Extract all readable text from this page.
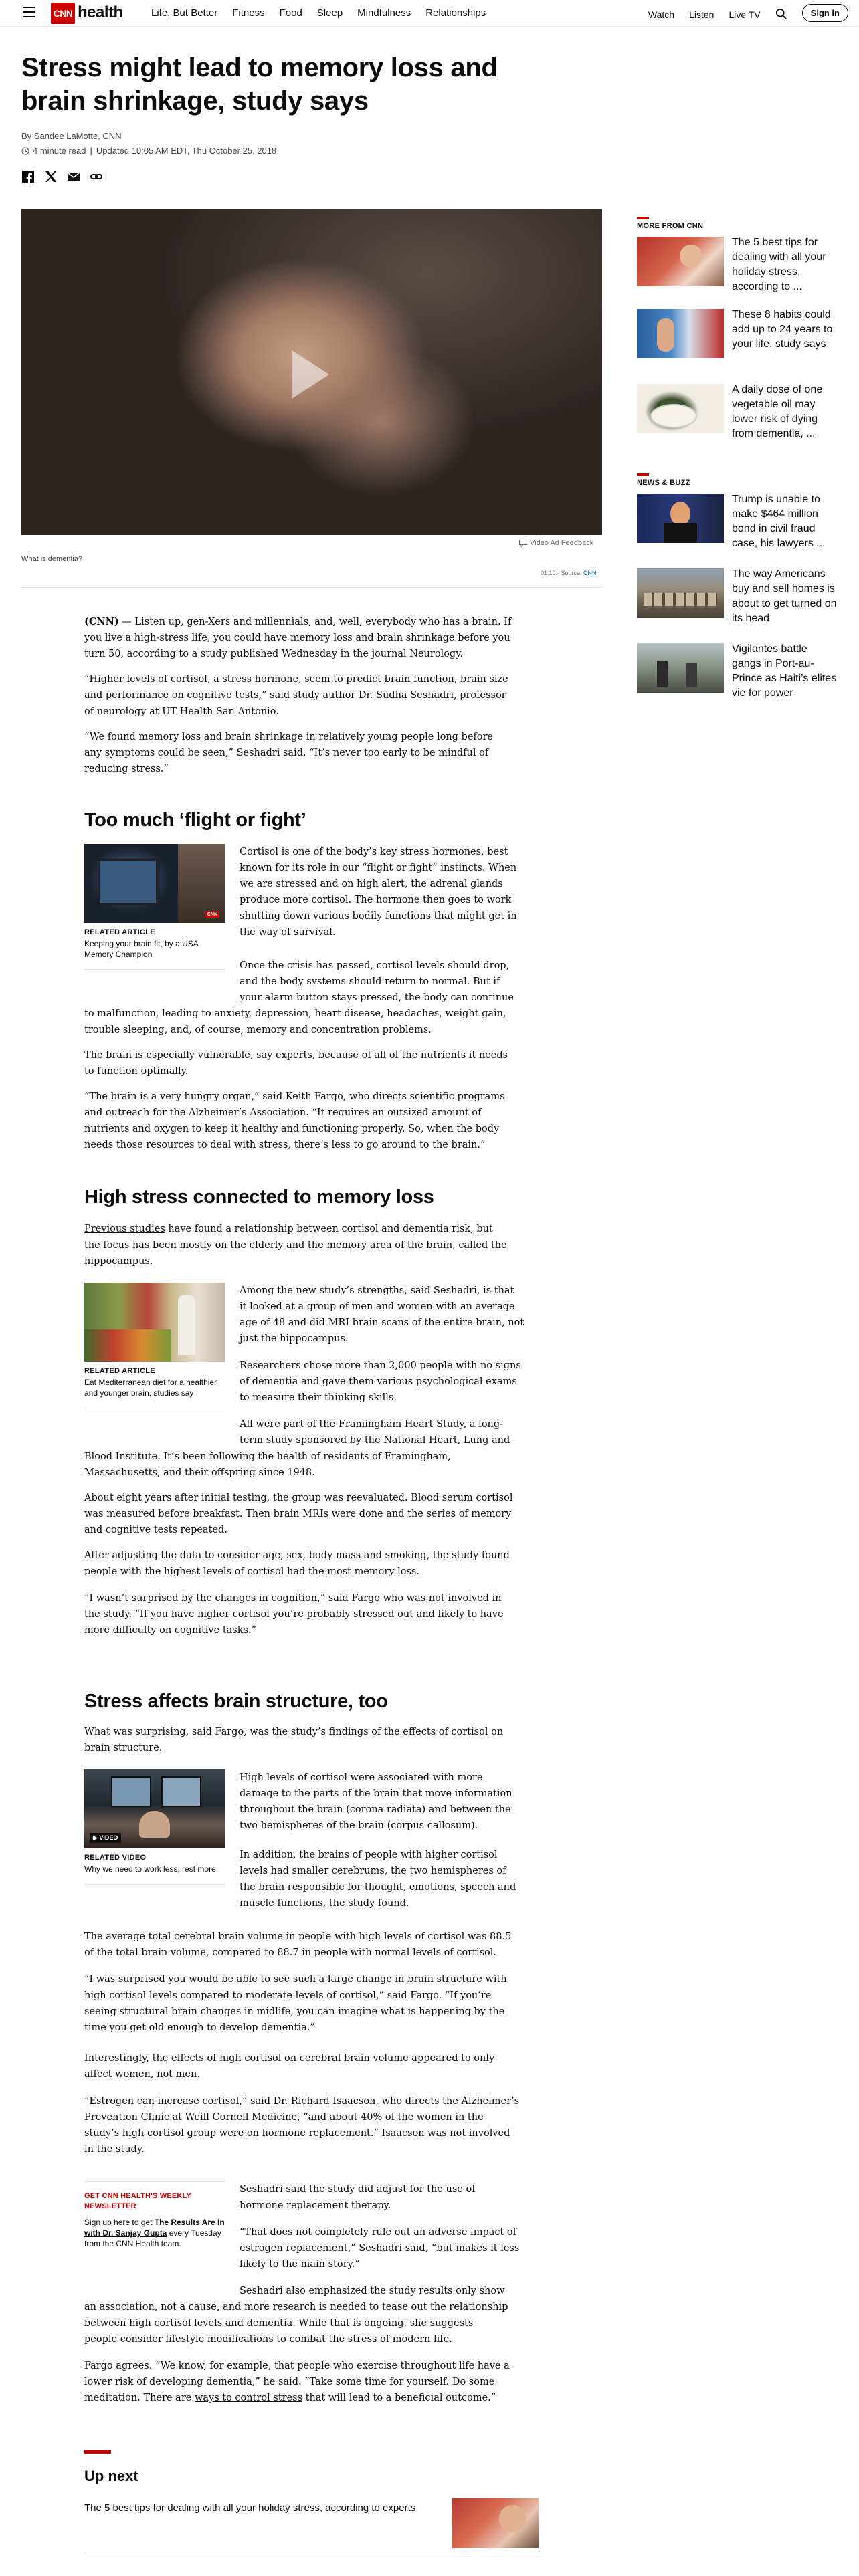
CNN health	Life, But Better Fitness Food Sleep Mindfulness Relationships	Watch Listen Live TV	Sign in
Stress might lead to memory loss and brain shrinkage, study says
By Sandee LaMotte, CNN
4 minute read | Updated 10:05 AM EDT, Thu October 25, 2018
Video Ad Feedback
What is dementia?
01:10 - Source: CNN
(CNN) — Listen up, gen-Xers and millennials, and, well, everybody who has a brain. If
you live a high-stress life, you could have memory loss and brain shrinkage before you
turn 50, according to a study published Wednesday in the journal Neurology.
“Higher levels of cortisol, a stress hormone, seem to predict brain function, brain size
and performance on cognitive tests,” said study author Dr. Sudha Seshadri, professor
of neurology at UT Health San Antonio.
“We found memory loss and brain shrinkage in relatively young people long before
any symptoms could be seen,” Seshadri said. “It’s never too early to be mindful of
reducing stress.”
Too much ‘flight or fight’
CNN
RELATED ARTICLE
Keeping your brain fit, by a USA Memory Champion
Cortisol is one of the body’s key stress hormones, best
known for its role in our “flight or fight” instincts. When
we are stressed and on high alert, the adrenal glands
produce more cortisol. The hormone then goes to work
shutting down various bodily functions that might get in
the way of survival.
Once the crisis has passed, cortisol levels should drop,
and the body systems should return to normal. But if
your alarm button stays pressed, the body can continue
to malfunction, leading to anxiety, depression, heart disease, headaches, weight gain,
trouble sleeping, and, of course, memory and concentration problems.
The brain is especially vulnerable, say experts, because of all of the nutrients it needs
to function optimally.
“The brain is a very hungry organ,” said Keith Fargo, who directs scientific programs
and outreach for the Alzheimer’s Association. “It requires an outsized amount of
nutrients and oxygen to keep it healthy and functioning properly. So, when the body
needs those resources to deal with stress, there’s less to go around to the brain.”
High stress connected to memory loss
Previous studies have found a relationship between cortisol and dementia risk, but
the focus has been mostly on the elderly and the memory area of the brain, called the
hippocampus.
RELATED ARTICLE
Eat Mediterranean diet for a healthier and younger brain, studies say
Among the new study’s strengths, said Seshadri, is that
it looked at a group of men and women with an average
age of 48 and did MRI brain scans of the entire brain, not
just the hippocampus.
Researchers chose more than 2,000 people with no signs
of dementia and gave them various psychological exams
to measure their thinking skills.
All were part of the Framingham Heart Study, a long-
term study sponsored by the National Heart, Lung and
Blood Institute. It’s been following the health of residents of Framingham,
Massachusetts, and their offspring since 1948.
About eight years after initial testing, the group was reevaluated. Blood serum cortisol
was measured before breakfast. Then brain MRIs were done and the series of memory
and cognitive tests repeated.
After adjusting the data to consider age, sex, body mass and smoking, the study found
people with the highest levels of cortisol had the most memory loss.
“I wasn’t surprised by the changes in cognition,” said Fargo who was not involved in
the study. “If you have higher cortisol you’re probably stressed out and likely to have
more difficulty on cognitive tasks.”
Stress affects brain structure, too
What was surprising, said Fargo, was the study’s findings of the effects of cortisol on
brain structure.
▶ VIDEO
RELATED VIDEO
Why we need to work less, rest more
High levels of cortisol were associated with more
damage to the parts of the brain that move information
throughout the brain (corona radiata) and between the
two hemispheres of the brain (corpus callosum).
In addition, the brains of people with higher cortisol
levels had smaller cerebrums, the two hemispheres of
the brain responsible for thought, emotions, speech and
muscle functions, the study found.
The average total cerebral brain volume in people with high levels of cortisol was 88.5
of the total brain volume, compared to 88.7 in people with normal levels of cortisol.
“I was surprised you would be able to see such a large change in brain structure with
high cortisol levels compared to moderate levels of cortisol,” said Fargo. “If you’re
seeing structural brain changes in midlife, you can imagine what is happening by the
time you get old enough to develop dementia.”
Interestingly, the effects of high cortisol on cerebral brain volume appeared to only
affect women, not men.
“Estrogen can increase cortisol,” said Dr. Richard Isaacson, who directs the Alzheimer’s
Prevention Clinic at Weill Cornell Medicine, “and about 40% of the women in the
study’s high cortisol group were on hormone replacement.” Isaacson was not involved
in the study.
GET CNN HEALTH'S WEEKLY NEWSLETTER
Sign up here to get The Results Are In with Dr. Sanjay Gupta every Tuesday from the CNN Health team.
Seshadri said the study did adjust for the use of
hormone replacement therapy.
“That does not completely rule out an adverse impact of
estrogen replacement,” Seshadri said, “but makes it less
likely to the main story.”
Seshadri also emphasized the study results only show
an association, not a cause, and more research is needed to tease out the relationship
between high cortisol levels and dementia. While that is ongoing, she suggests
people consider lifestyle modifications to combat the stress of modern life.
Fargo agrees. “We know, for example, that people who exercise throughout life have a
lower risk of developing dementia,” he said. “Take some time for yourself. Do some
meditation. There are ways to control stress that will lead to a beneficial outcome.”
Up next
The 5 best tips for dealing with all your holiday stress, according to experts
MORE FROM CNN
The 5 best tips for dealing with all your holiday stress, according to ...
These 8 habits could add up to 24 years to your life, study says
A daily dose of one vegetable oil may lower risk of dying from dementia, ...
NEWS & BUZZ
Trump is unable to make $464 million bond in civil fraud case, his lawyers ...
The way Americans buy and sell homes is about to get turned on its head
Vigilantes battle gangs in Port-au-Prince as Haiti’s elites vie for power
